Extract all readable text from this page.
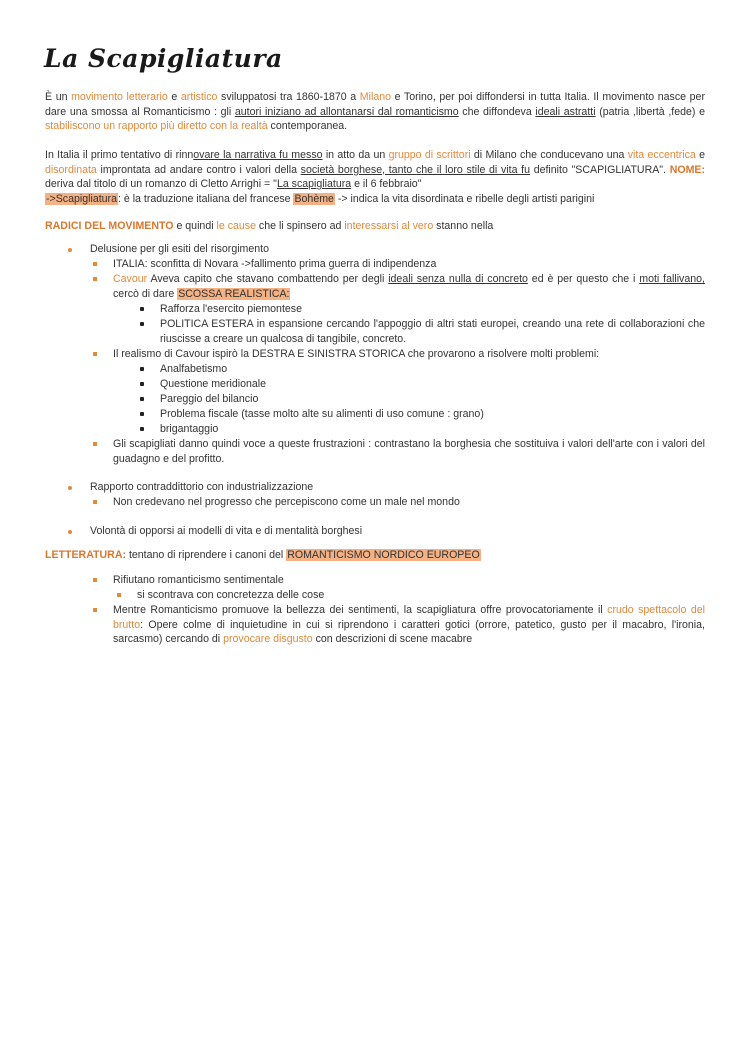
La Scapigliatura
È un movimento letterario e artistico sviluppatosi tra 1860-1870 a Milano e Torino, per poi diffondersi in tutta Italia. Il movimento nasce per dare una smossa al Romanticismo : gli autori iniziano ad allontanarsi dal romanticismo che diffondeva ideali astratti (patria ,libertà ,fede) e stabiliscono un rapporto più diretto con la realtà contemporanea.
In Italia il primo tentativo di rinnovare la narrativa fu messo in atto da un gruppo di scrittori di Milano che conducevano una vita eccentrica e disordinata improntata ad andare contro i valori della società borghese, tanto che il loro stile di vita fu definito "SCAPIGLIATURA". NOME: deriva dal titolo di un romanzo di Cletto Arrighi = "La scapigliatura e il 6 febbraio"
->Scapigliatura: è la traduzione italiana del francese Bohème -> indica la vita disordinata e ribelle degli artisti parigini
RADICI DEL MOVIMENTO e quindi le cause che li spinsero ad interessarsi al vero stanno nella
Delusione per gli esiti del risorgimento
ITALIA: sconfitta di Novara ->fallimento prima guerra di indipendenza
Cavour Aveva capito che stavano combattendo per degli ideali senza nulla di concreto ed è per questo che i moti fallivano, cercò di dare SCOSSA REALISTICA:
Rafforza l'esercito piemontese
POLITICA ESTERA in espansione cercando l'appoggio di altri stati europei, creando una rete di collaborazioni che riuscisse a creare un qualcosa di tangibile, concreto.
Il realismo di Cavour ispirò la DESTRA E SINISTRA STORICA che provarono a risolvere molti problemi:
Analfabetismo
Questione meridionale
Pareggio del bilancio
Problema fiscale (tasse molto alte su alimenti di uso comune : grano)
brigantaggio
Gli scapigliati danno quindi voce a queste frustrazioni : contrastano la borghesia che sostituiva i valori dell'arte con i valori del guadagno e del profitto.
Rapporto contraddittorio con industrializzazione
Non credevano nel progresso che percepiscono come un male nel mondo
Volontà di opporsi ai modelli di vita e di mentalità borghesi
LETTERATURA: tentano di riprendere i canoni del ROMANTICISMO NORDICO EUROPEO
Rifiutano romanticismo sentimentale
si scontrava con concretezza delle cose
Mentre Romanticismo promuove la bellezza dei sentimenti, la scapigliatura offre provocatoriamente il crudo spettacolo del brutto: Opere colme di inquietudine in cui si riprendono i caratteri gotici (orrore, patetico, gusto per il macabro, l'ironia, sarcasmo) cercando di provocare disgusto con descrizioni di scene macabre
